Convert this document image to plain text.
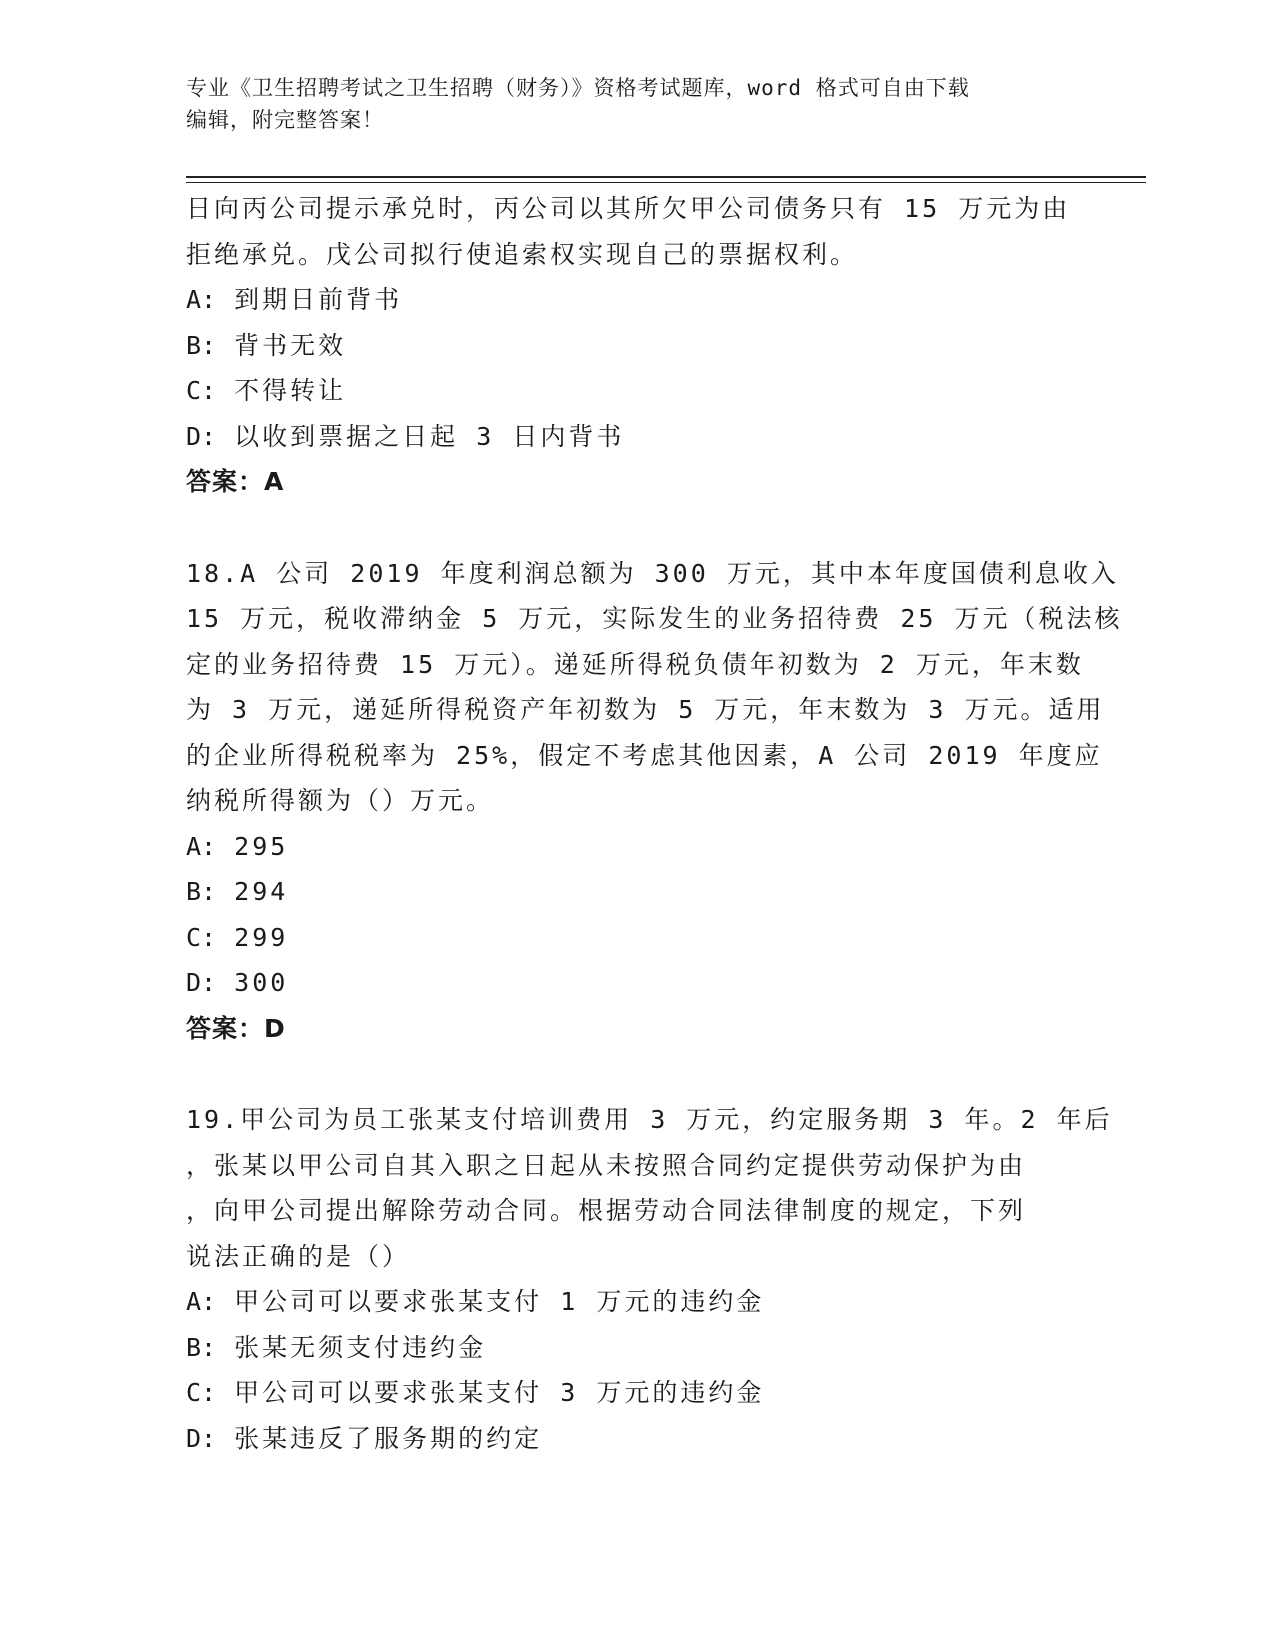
专业《卫生招聘考试之卫生招聘（财务）》资格考试题库，word 格式可自由下载
编辑，附完整答案！
日向丙公司提示承兑时，丙公司以其所欠甲公司债务只有 15 万元为由
拒绝承兑。戊公司拟行使追索权实现自己的票据权利。
A: 到期日前背书
B: 背书无效
C: 不得转让
D: 以收到票据之日起 3 日内背书
答案：A
18.A 公司 2019 年度利润总额为 300 万元，其中本年度国债利息收入
15 万元，税收滞纳金 5 万元，实际发生的业务招待费 25 万元（税法核
定的业务招待费 15 万元）。递延所得税负债年初数为 2 万元，年末数
为 3 万元，递延所得税资产年初数为 5 万元，年末数为 3 万元。适用
的企业所得税税率为 25%，假定不考虑其他因素，A 公司 2019 年度应
纳税所得额为（）万元。
A: 295
B: 294
C: 299
D: 300
答案：D
19.甲公司为员工张某支付培训费用 3 万元，约定服务期 3 年。2 年后
，张某以甲公司自其入职之日起从未按照合同约定提供劳动保护为由
，向甲公司提出解除劳动合同。根据劳动合同法律制度的规定，下列
说法正确的是（）
A: 甲公司可以要求张某支付 1 万元的违约金
B: 张某无须支付违约金
C: 甲公司可以要求张某支付 3 万元的违约金
D: 张某违反了服务期的约定
